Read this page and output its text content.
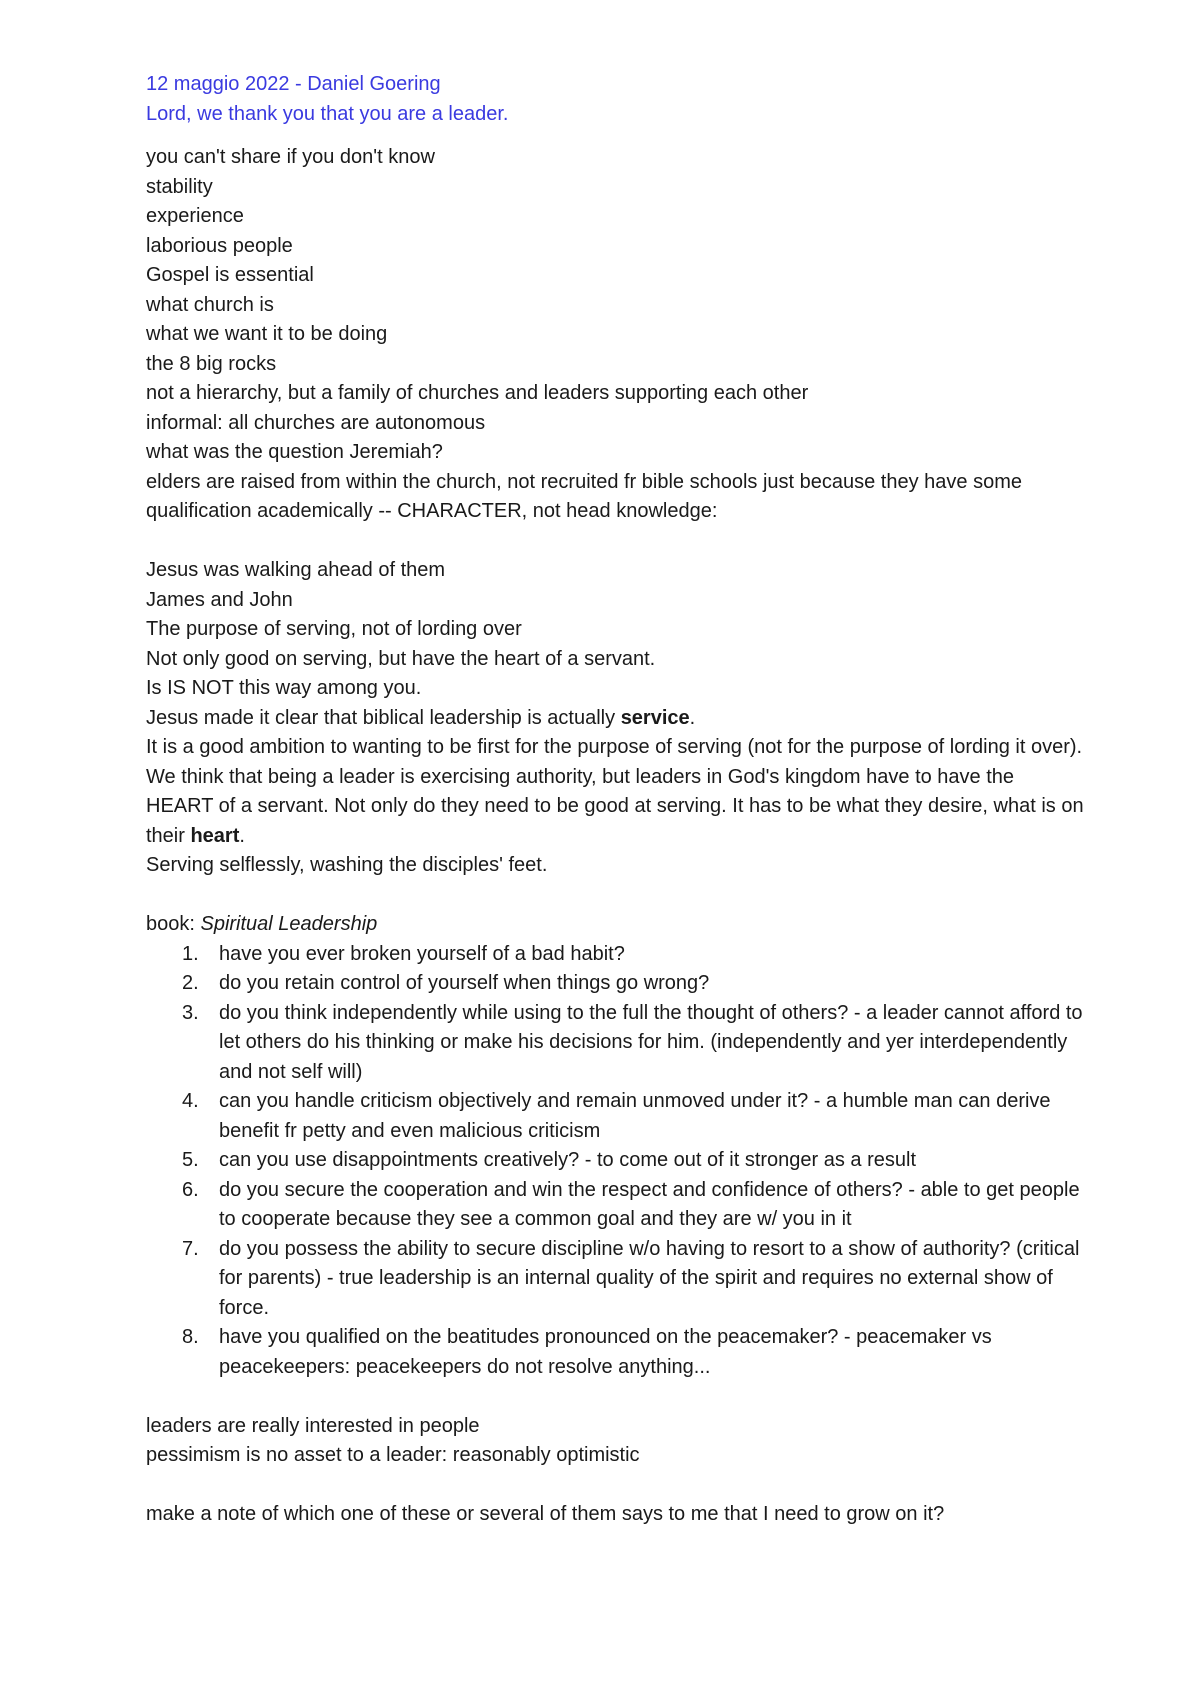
12 maggio 2022 - Daniel Goering

Lord, we thank you that you are a leader.

you can't share if you don't know

stability

experience

laborious people

Gospel is essential

what church is

what we want it to be doing

the 8 big rocks

not a hierarchy, but a family of churches and leaders supporting each other

informal: all churches are autonomous

what was the question Jeremiah?

elders are raised from within the church, not recruited fr bible schools just because they have some qualification academically -- CHARACTER, not head knowledge:

Jesus was walking ahead of them

James and John

The purpose of serving, not of lording over

Not only good on serving, but have the heart of a servant.

Is IS NOT this way among you.

Jesus made it clear that biblical leadership is actually service.

It is a good ambition to wanting to be first for the purpose of serving (not for the purpose of lording it over).

We think that being a leader is exercising authority, but leaders in God's kingdom have to have the HEART of a servant. Not only do they need to be good at serving. It has to be what they desire, what is on their heart.

Serving selflessly, washing the disciples' feet.

book: Spiritual Leadership

1.	have you ever broken yourself of a bad habit?
2.	do you retain control of yourself when things go wrong?
3.	do you think independently while using to the full the thought of others? - a leader cannot afford to let others do his thinking or make his decisions for him. (independently and yer interdependently and not self will)
4.	can you handle criticism objectively and remain unmoved under it? - a humble man can derive benefit fr petty and even malicious criticism
5.	can you use disappointments creatively? - to come out of it stronger as a result
6.	do you secure the cooperation and win the respect and confidence of others? - able to get people to cooperate because they see a common goal and they are w/ you in it
7.	do you possess the ability to secure discipline w/o having to resort to a show of authority? (critical for parents) - true leadership is an internal quality of the spirit and requires no external show of force.
8.	have you qualified on the beatitudes pronounced on the peacemaker? - peacemaker vs peacekeepers: peacekeepers do not resolve anything...

leaders are really interested in people

pessimism is no asset to a leader: reasonably optimistic

make a note of which one of these or several of them says to me that I need to grow on it?
